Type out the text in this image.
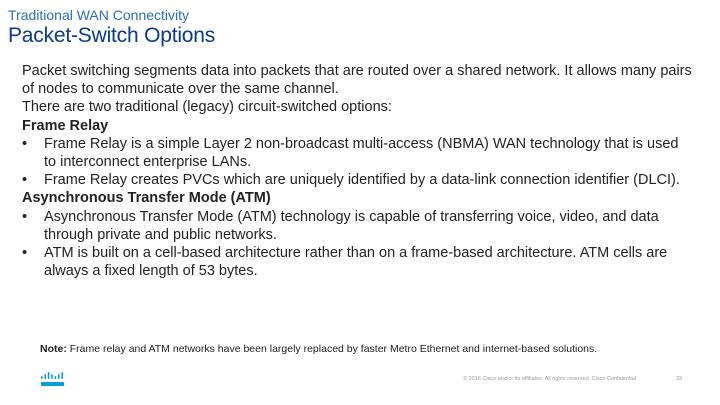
Traditional WAN Connectivity
Packet-Switch Options

Packet switching segments data into packets that are routed over a shared network. It allows many pairs of nodes to communicate over the same channel.

There are two traditional (legacy) circuit-switched options:

Frame Relay

• Frame Relay is a simple Layer 2 non-broadcast multi-access (NBMA) WAN technology that is used to interconnect enterprise LANs.
• Frame Relay creates PVCs which are uniquely identified by a data-link connection identifier (DLCI).

Asynchronous Transfer Mode (ATM)

• Asynchronous Transfer Mode (ATM) technology is capable of transferring voice, video, and data through private and public networks.
• ATM is built on a cell-based architecture rather than on a frame-based architecture. ATM cells are always a fixed length of 53 bytes.
Note: Frame relay and ATM networks have been largely replaced by faster Metro Ethernet and internet-based solutions.
© 2016 Cisco and/or its affiliates. All rights reserved. Cisco Confidential	33
